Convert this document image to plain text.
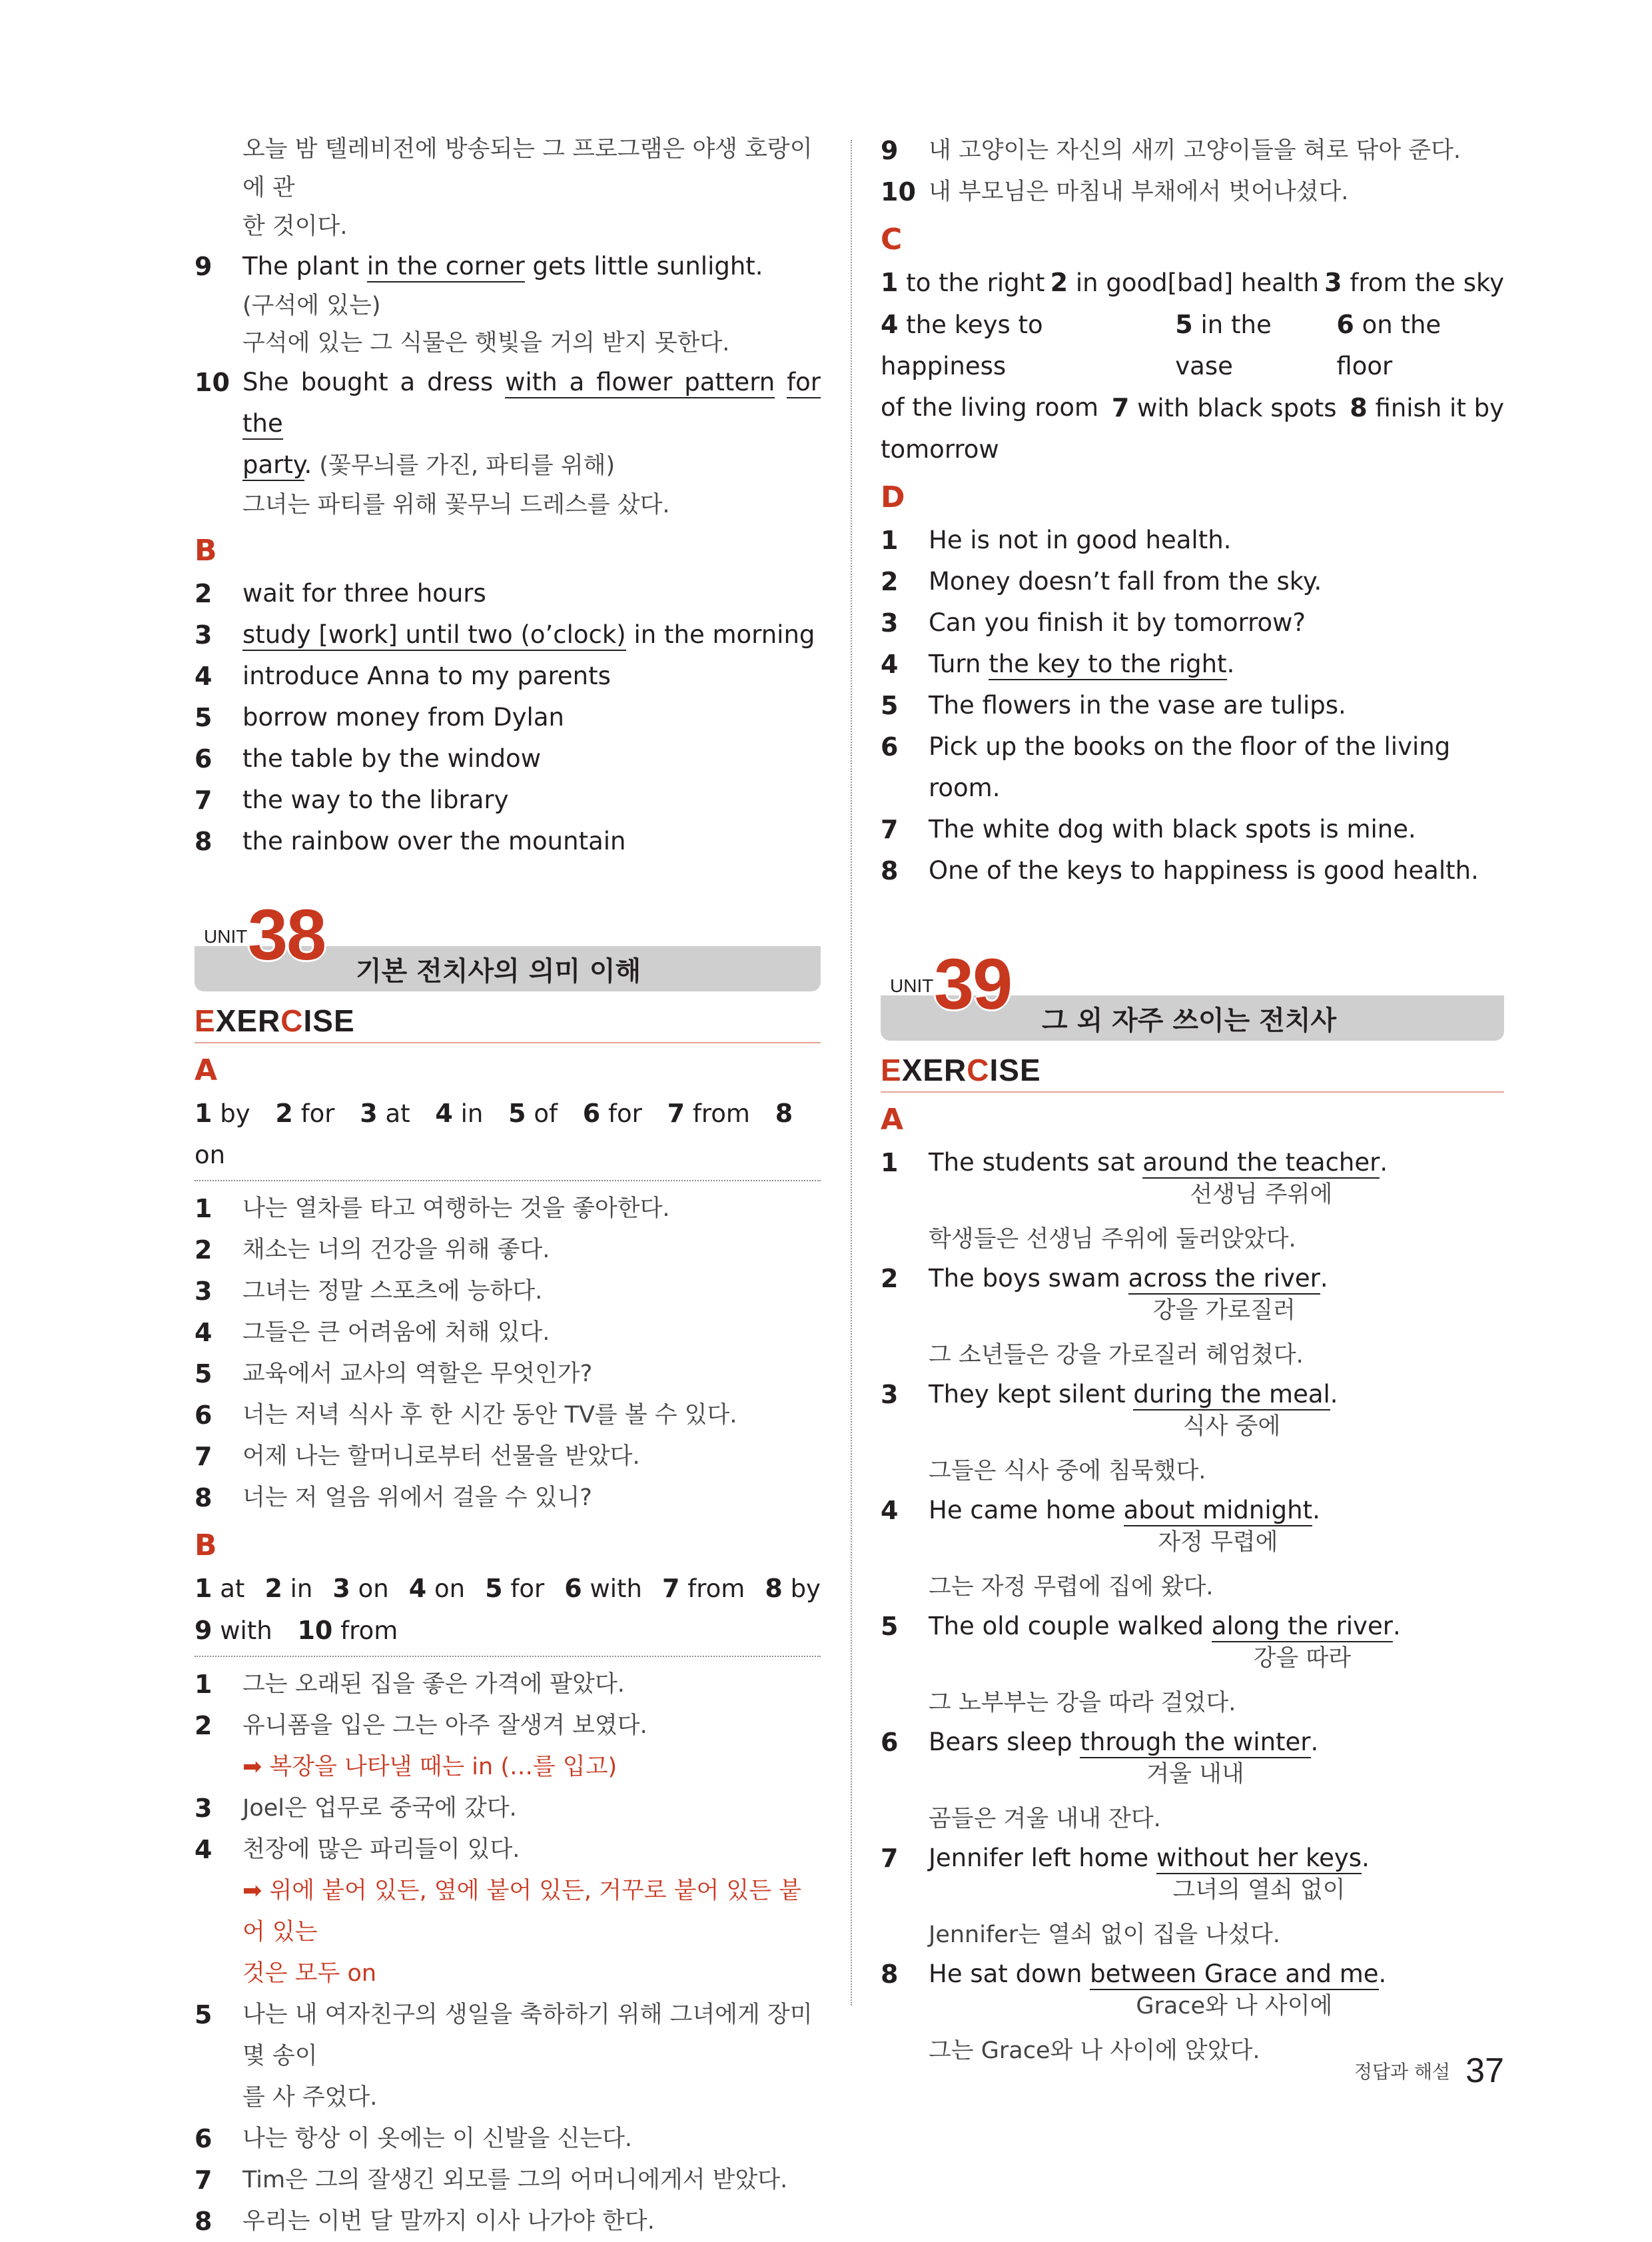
오늘 밤 텔레비전에 방송되는 그 프로그램은 야생 호랑이에 관
한 것이다.
9 The plant in the corner gets little sunlight.
(구석에 있는)
구석에 있는 그 식물은 햇빛을 거의 받지 못한다.
10 She bought a dress with a flower pattern for the
party. (꽃무늬를 가진, 파티를 위해)
그녀는 파티를 위해 꽃무늬 드레스를 샀다.
B
2 wait for three hours
3 study [work] until two (o’clock) in the morning
4 introduce Anna to my parents
5 borrow money from Dylan
6 the table by the window
7 the way to the library
8 the rainbow over the mountain
UNIT 38 기본 전치사의 의미 이해
EXERCISE
A
1 by 2 for 3 at 4 in 5 of 6 for 7 from 8 on
1 나는 열차를 타고 여행하는 것을 좋아한다.
2 채소는 너의 건강을 위해 좋다.
3 그녀는 정말 스포츠에 능하다.
4 그들은 큰 어려움에 처해 있다.
5 교육에서 교사의 역할은 무엇인가?
6 너는 저녁 식사 후 한 시간 동안 TV를 볼 수 있다.
7 어제 나는 할머니로부터 선물을 받았다.
8 너는 저 얼음 위에서 걸을 수 있니?
B
1 at 2 in 3 on 4 on 5 for 6 with 7 from 8 by
9 with 10 from
1 그는 오래된 집을 좋은 가격에 팔았다.
2 유니폼을 입은 그는 아주 잘생겨 보였다.
➡ 복장을 나타낼 때는 in (…를 입고)
3 Joel은 업무로 중국에 갔다.
4 천장에 많은 파리들이 있다.
➡ 위에 붙어 있든, 옆에 붙어 있든, 거꾸로 붙어 있든 붙어 있는
것은 모두 on
5 나는 내 여자친구의 생일을 축하하기 위해 그녀에게 장미 몇 송이
를 사 주었다.
6 나는 항상 이 옷에는 이 신발을 신는다.
7 Tim은 그의 잘생긴 외모를 그의 어머니에게서 받았다.
8 우리는 이번 달 말까지 이사 나가야 한다.
9 내 고양이는 자신의 새끼 고양이들을 혀로 닦아 준다.
10 내 부모님은 마침내 부채에서 벗어나셨다.
C
1 to the right 2 in good[bad] health 3 from the sky
4 the keys to happiness
5 in the vase
6 on the floor
of the living room 7 with black spots 8 finish it by
tomorrow
D
1 He is not in good health.
2 Money doesn’t fall from the sky.
3 Can you finish it by tomorrow?
4 Turn the key to the right.
5 The flowers in the vase are tulips.
6 Pick up the books on the floor of the living room.
7 The white dog with black spots is mine.
8 One of the keys to happiness is good health.
UNIT 39 그 외 자주 쓰이는 전치사
EXERCISE
A
1 The students sat around the teacher
선생님 주위에
.
학생들은 선생님 주위에 둘러앉았다.
2 The boys swam across the river
강을 가로질러
.
그 소년들은 강을 가로질러 헤엄쳤다.
3 They kept silent during the meal
식사 중에
.
그들은 식사 중에 침묵했다.
4 He came home about midnight
자정 무렵에
.
그는 자정 무렵에 집에 왔다.
5 The old couple walked along the river
강을 따라
.
그 노부부는 강을 따라 걸었다.
6 Bears sleep through the winter
겨울 내내
.
곰들은 겨울 내내 잔다.
7 Jennifer left home without her keys
그녀의 열쇠 없이
.
Jennifer는 열쇠 없이 집을 나섰다.
8 He sat down between Grace and me
Grace와 나 사이에
.
그는 Grace와 나 사이에 앉았다.
정답과 해설 37
